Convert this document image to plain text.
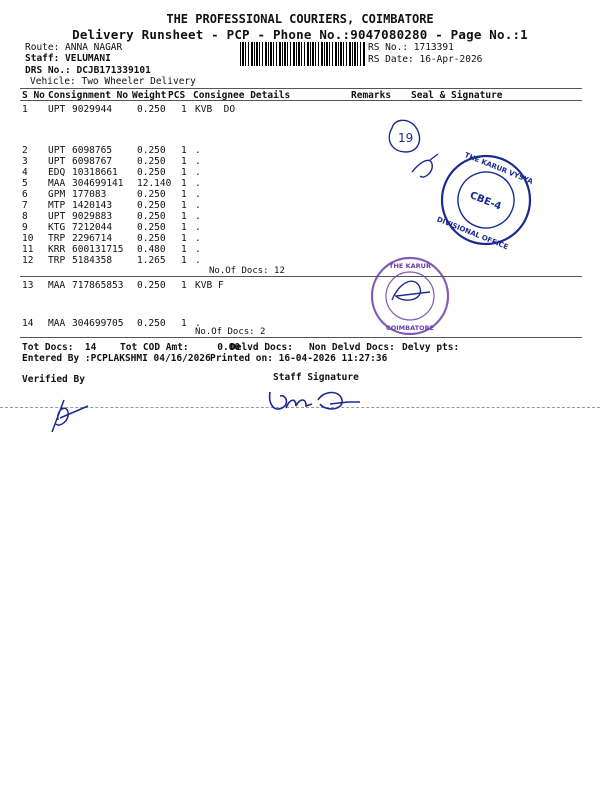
THE PROFESSIONAL COURIERS, COIMBATORE
Delivery Runsheet - PCP - Phone No.:9047080280 - Page No.:1
Route: ANNA NAGAR
Staff: VELUMANI
DRS No.: DCJB171339101
Vehicle: Two Wheeler Delivery
RS No.: 1713391
RS Date: 16-Apr-2026
S No Consignment No Weight PCS Consignee Details	Remarks Seal & Signature
1 UPT 9029944	0.250 1 KVB  DO
2 UPT 6098765	0.250 1 .
3 UPT 6098767	0.250 1 .
4 EDQ 10318661 0.250 1 .
5 MAA 304699141 12.140 1 .
6 GPM 177083	0.250 1 .
7 MTP 1420143	0.250 1 .
8 UPT 9029883	0.250 1 .
9 KTG 7212044	0.250 1 .
10 TRP 2296714	0.250 1 .
11 KRR 600131715 0.480 1 .
12 TRP 5184358	1.265 1 .
13 MAA 717865853 0.250 1 KVB F
14 MAA 304699705 0.250 1 .
No.Of Docs: 12
No.Of Docs: 2
Tot Docs:  14 Tot COD Amt:     0.00
Delvd Docs: Non Delvd Docs: Delvy pts:
Entered By :PCPLAKSHMI 04/16/2026 Printed on: 16-04-2026 11:27:36
Verified By	Staff Signature
19
CBE-4
THE KARUR VYSYA
DIVISIONAL OFFICE
THE KARUR
COIMBATORE
